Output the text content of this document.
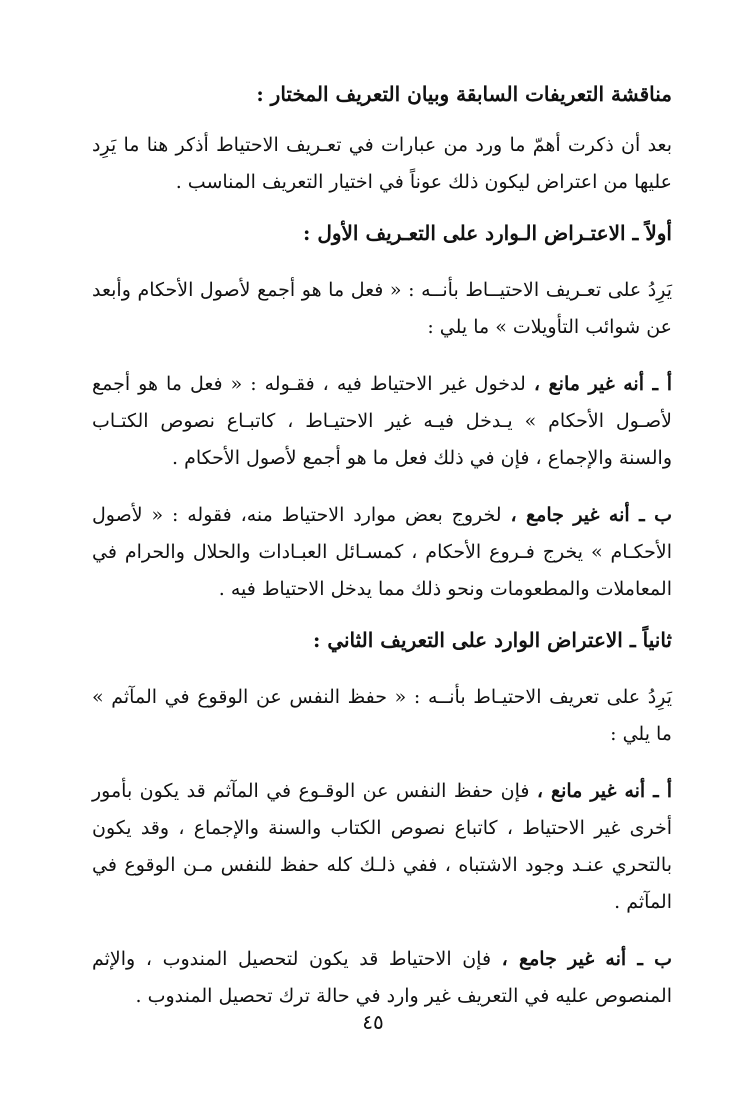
مناقشة التعريفات السابقة وبيان التعريف المختار :

بعد أن ذكرت أهمّ ما ورد من عبارات في تعـريف الاحتياط أذكر هنا ما يَرِد عليها من اعتراض ليكون ذلك عوناً في اختيار التعريف المناسب .

أولاً ـ الاعتـراض الـوارد على التعـريف الأول :

يَرِدُ على تعـريف الاحتيــاط بأنــه : « فعل ما هو أجمع لأصول الأحكام وأبعد عن شوائب التأويلات » ما يلي :

أ ـ أنه غير مانع ، لدخول غير الاحتياط فيه ، فقـوله : « فعل ما هو أجمع لأصـول الأحكام » يـدخل فيـه غير الاحتيـاط ، كاتبـاع نصوص الكتـاب والسنة والإجماع ، فإن في ذلك فعل ما هو أجمع لأصول الأحكام .

ب ـ أنه غير جامع ، لخروج بعض موارد الاحتياط منه، فقوله : « لأصول الأحكـام » يخرج فـروع الأحكام ، كمسـائل العبـادات والحلال والحرام في المعاملات والمطعومات ونحو ذلك مما يدخل الاحتياط فيه .

ثانياً ـ الاعتراض الوارد على التعريف الثاني :

يَرِدُ على تعريف الاحتيـاط بأنــه : « حفظ النفس عن الوقوع في المآثم » ما يلي :

أ ـ أنه غير مانع ، فإن حفظ النفس عن الوقـوع في المآثم قد يكون بأمور أخرى غير الاحتياط ، كاتباع نصوص الكتاب والسنة والإجماع ، وقد يكون بالتحري عنـد وجود الاشتباه ، ففي ذلـك كله حفظ للنفس مـن الوقوع في المآثم .

ب ـ أنه غير جامع ، فإن الاحتياط قد يكون لتحصيل المندوب ، والإثم المنصوص عليه في التعريف غير وارد في حالة ترك تحصيل المندوب .

٤٥
